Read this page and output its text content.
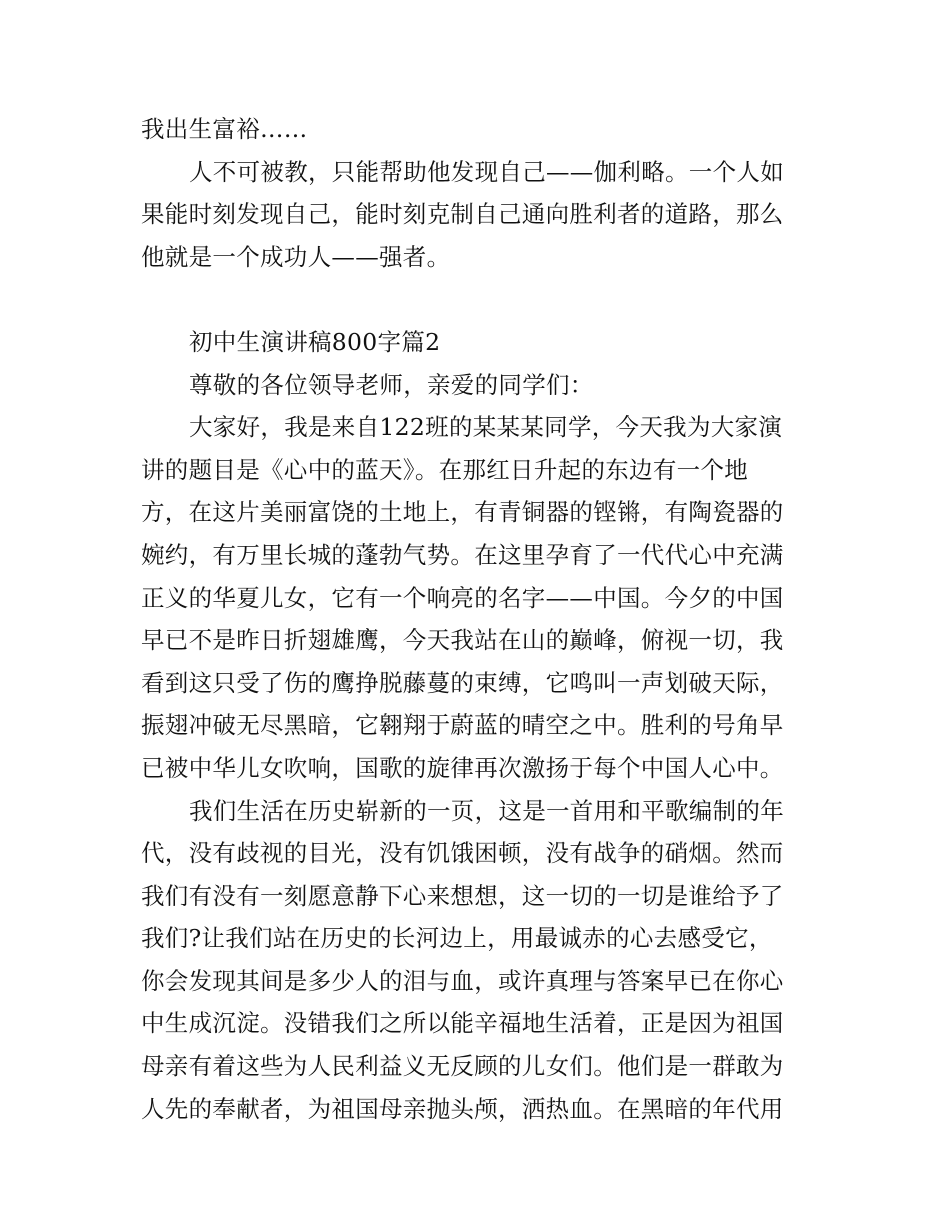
我出生富裕……
人不可被教，只能帮助他发现自己——伽利略。一个人如
果能时刻发现自己，能时刻克制自己通向胜利者的道路，那么
他就是一个成功人——强者。
初中生演讲稿800字篇2
尊敬的各位领导老师，亲爱的同学们：
大家好，我是来自122班的某某某同学，今天我为大家演
讲的题目是《心中的蓝天》。在那红日升起的东边有一个地
方，在这片美丽富饶的土地上，有青铜器的铿锵，有陶瓷器的
婉约，有万里长城的蓬勃气势。在这里孕育了一代代心中充满
正义的华夏儿女，它有一个响亮的名字——中国。今夕的中国
早已不是昨日折翅雄鹰，今天我站在山的巅峰，俯视一切，我
看到这只受了伤的鹰挣脱藤蔓的束缚，它鸣叫一声划破天际，
振翅冲破无尽黑暗，它翱翔于蔚蓝的晴空之中。胜利的号角早
已被中华儿女吹响，国歌的旋律再次激扬于每个中国人心中。
我们生活在历史崭新的一页，这是一首用和平歌编制的年
代，没有歧视的目光，没有饥饿困顿，没有战争的硝烟。然而
我们有没有一刻愿意静下心来想想，这一切的一切是谁给予了
我们?让我们站在历史的长河边上，用最诚赤的心去感受它，
你会发现其间是多少人的泪与血，或许真理与答案早已在你心
中生成沉淀。没错我们之所以能辛福地生活着，正是因为祖国
母亲有着这些为人民利益义无反顾的儿女们。他们是一群敢为
人先的奉献者，为祖国母亲抛头颅，洒热血。在黑暗的年代用
